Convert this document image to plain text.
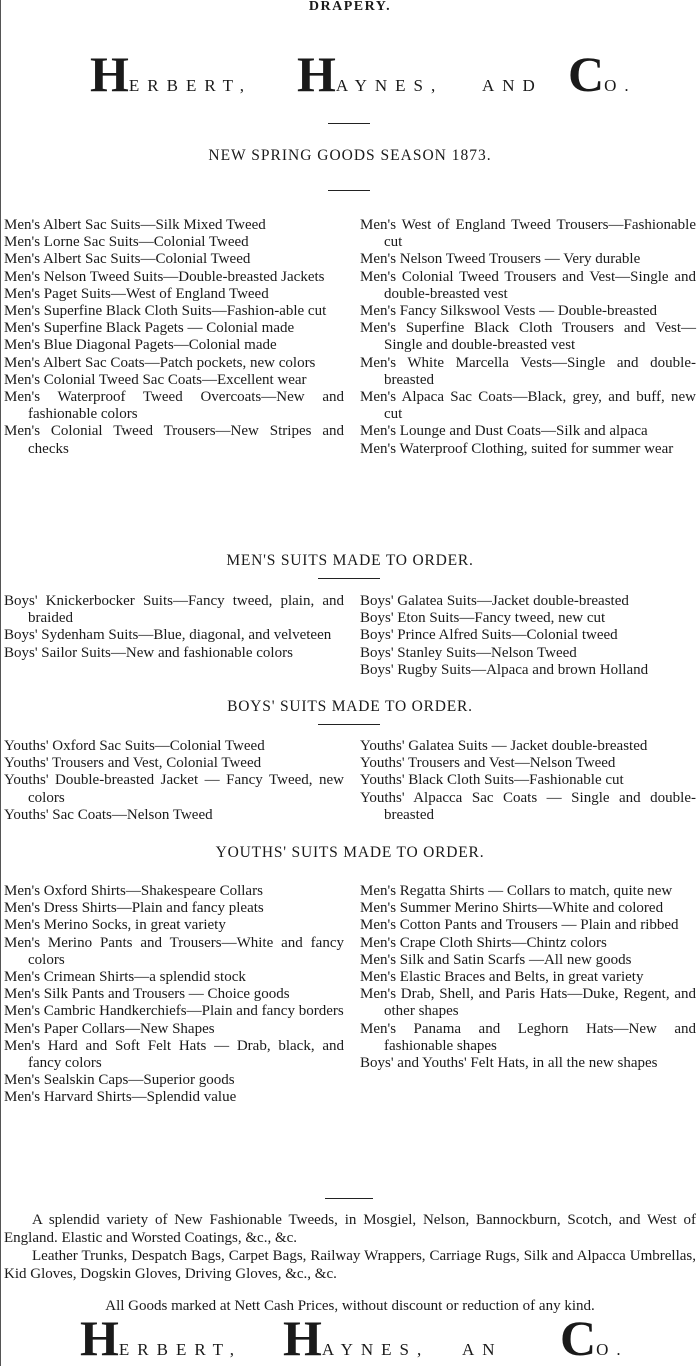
DRAPERY.
HERBERT, HAYNES, AND CO.
NEW SPRING GOODS SEASON 1873.
Men's Albert Sac Suits—Silk Mixed Tweed
Men's Lorne Sac Suits—Colonial Tweed
Men's Albert Sac Suits—Colonial Tweed
Men's Nelson Tweed Suits—Double-breasted Jackets
Men's Paget Suits—West of England Tweed
Men's Superfine Black Cloth Suits—Fashion-able cut
Men's Superfine Black Pagets — Colonial made
Men's Blue Diagonal Pagets—Colonial made
Men's Albert Sac Coats—Patch pockets, new colors
Men's Colonial Tweed Sac Coats—Excellent wear
Men's Waterproof Tweed Overcoats—New and fashionable colors
Men's Colonial Tweed Trousers—New Stripes and checks
Men's West of England Tweed Trousers—Fashionable cut
Men's Nelson Tweed Trousers — Very durable
Men's Colonial Tweed Trousers and Vest—Single and double-breasted vest
Men's Fancy Silkswool Vests — Double-breasted
Men's Superfine Black Cloth Trousers and Vest—Single and double-breasted vest
Men's White Marcella Vests—Single and double-breasted
Men's Alpaca Sac Coats—Black, grey, and buff, new cut
Men's Lounge and Dust Coats—Silk and alpaca
Men's Waterproof Clothing, suited for summer wear
MEN'S SUITS MADE TO ORDER.
Boys' Knickerbocker Suits—Fancy tweed, plain, and braided
Boys' Sydenham Suits—Blue, diagonal, and velveteen
Boys' Sailor Suits—New and fashionable colors
Boys' Galatea Suits—Jacket double-breasted
Boys' Eton Suits—Fancy tweed, new cut
Boys' Prince Alfred Suits—Colonial tweed
Boys' Stanley Suits—Nelson Tweed
Boys' Rugby Suits—Alpaca and brown Holland
BOYS' SUITS MADE TO ORDER.
Youths' Oxford Sac Suits—Colonial Tweed
Youths' Trousers and Vest, Colonial Tweed
Youths' Double-breasted Jacket — Fancy Tweed, new colors
Youths' Sac Coats—Nelson Tweed
Youths' Galatea Suits — Jacket double-breasted
Youths' Trousers and Vest—Nelson Tweed
Youths' Black Cloth Suits—Fashionable cut
Youths' Alpacca Sac Coats — Single and double-breasted
YOUTHS' SUITS MADE TO ORDER.
Men's Oxford Shirts—Shakespeare Collars
Men's Dress Shirts—Plain and fancy pleats
Men's Merino Socks, in great variety
Men's Merino Pants and Trousers—White and fancy colors
Men's Crimean Shirts—a splendid stock
Men's Silk Pants and Trousers — Choice goods
Men's Cambric Handkerchiefs—Plain and fancy borders
Men's Paper Collars—New Shapes
Men's Hard and Soft Felt Hats — Drab, black, and fancy colors
Men's Sealskin Caps—Superior goods
Men's Harvard Shirts—Splendid value
Men's Regatta Shirts — Collars to match, quite new
Men's Summer Merino Shirts—White and colored
Men's Cotton Pants and Trousers — Plain and ribbed
Men's Crape Cloth Shirts—Chintz colors
Men's Silk and Satin Scarfs —All new goods
Men's Elastic Braces and Belts, in great variety
Men's Drab, Shell, and Paris Hats—Duke, Regent, and other shapes
Men's Panama and Leghorn Hats—New and fashionable shapes
Boys' and Youths' Felt Hats, in all the new shapes
A splendid variety of New Fashionable Tweeds, in Mosgiel, Nelson, Bannockburn, Scotch, and West of England. Elastic and Worsted Coatings, &c., &c.
Leather Trunks, Despatch Bags, Carpet Bags, Railway Wrappers, Carriage Rugs, Silk and Alpacca Umbrellas, Kid Gloves, Dogskin Gloves, Driving Gloves, &c., &c.
All Goods marked at Nett Cash Prices, without discount or reduction of any kind.
HERBERT, HAYNES, AN CO.
